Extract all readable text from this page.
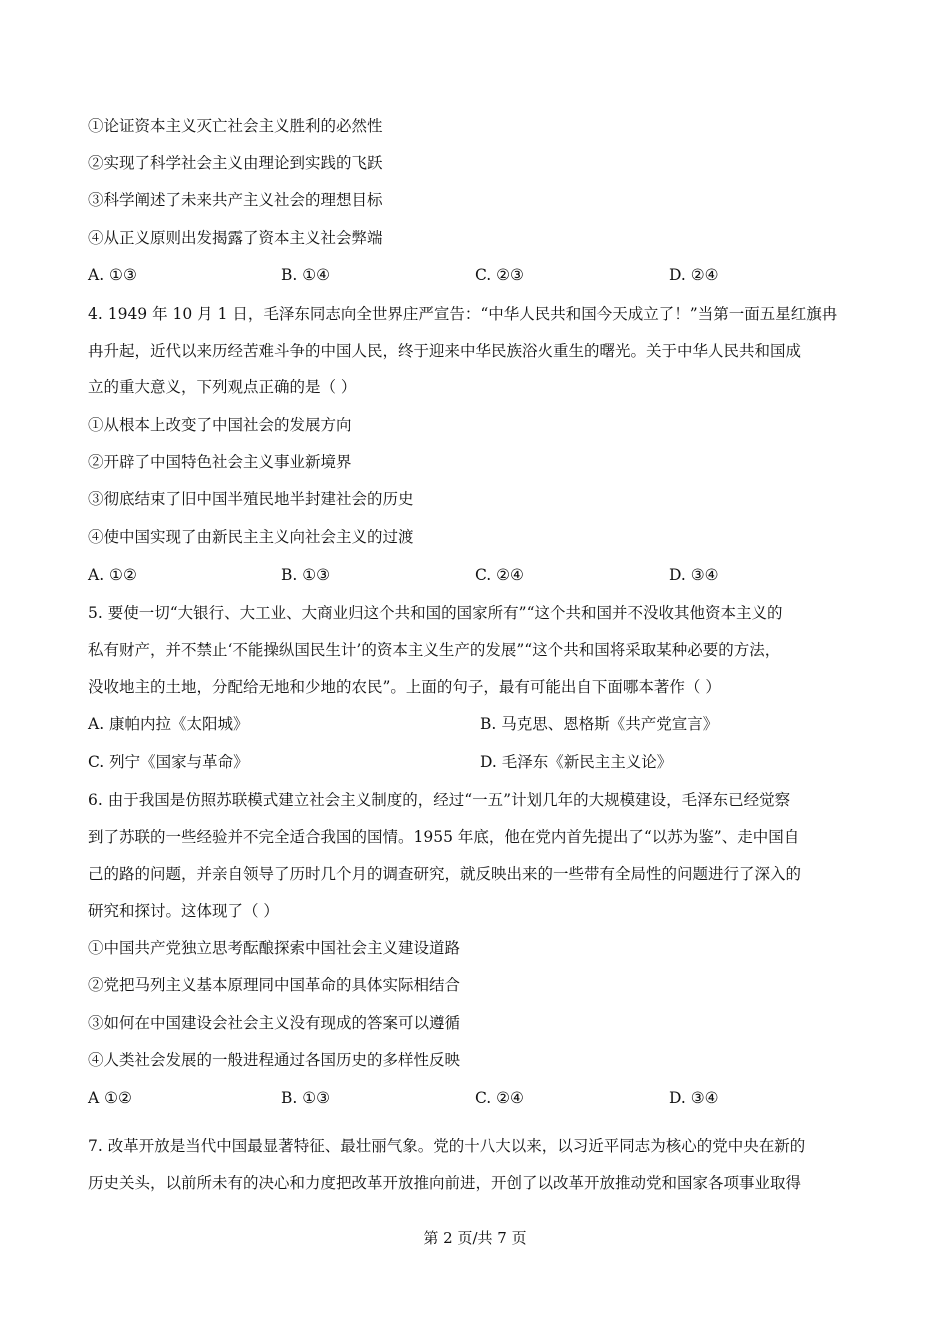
①论证资本主义灭亡社会主义胜利的必然性
②实现了科学社会主义由理论到实践的飞跃
③科学阐述了未来共产主义社会的理想目标
④从正义原则出发揭露了资本主义社会弊端
A. ①③	B. ①④	C. ②③	D. ②④
4. 1949 年 10 月 1 日，毛泽东同志向全世界庄严宣告：“中华人民共和国今天成立了！”当第一面五星红旗冉
冉升起，近代以来历经苦难斗争的中国人民，终于迎来中华民族浴火重生的曙光。关于中华人民共和国成
立的重大意义，下列观点正确的是（ ）
①从根本上改变了中国社会的发展方向
②开辟了中国特色社会主义事业新境界
③彻底结束了旧中国半殖民地半封建社会的历史
④使中国实现了由新民主主义向社会主义的过渡
A. ①②	B. ①③	C. ②④	D. ③④
5. 要使一切“大银行、大工业、大商业归这个共和国的国家所有”“这个共和国并不没收其他资本主义的
私有财产，并不禁止‘不能操纵国民生计’的资本主义生产的发展”“这个共和国将采取某种必要的方法，
没收地主的土地，分配给无地和少地的农民”。上面的句子，最有可能出自下面哪本著作（ ）
A. 康帕内拉《太阳城》	B. 马克思、恩格斯《共产党宣言》
C. 列宁《国家与革命》	D. 毛泽东《新民主主义论》
6. 由于我国是仿照苏联模式建立社会主义制度的，经过“一五”计划几年的大规模建设，毛泽东已经觉察
到了苏联的一些经验并不完全适合我国的国情。1955 年底，他在党内首先提出了“以苏为鉴”、走中国自
己的路的问题，并亲自领导了历时几个月的调查研究，就反映出来的一些带有全局性的问题进行了深入的
研究和探讨。这体现了（ ）
①中国共产党独立思考酝酿探索中国社会主义建设道路
②党把马列主义基本原理同中国革命的具体实际相结合
③如何在中国建设会社会主义没有现成的答案可以遵循
④人类社会发展的一般进程通过各国历史的多样性反映
A ①②	B. ①③	C. ②④	D. ③④
7. 改革开放是当代中国最显著特征、最壮丽气象。党的十八大以来，以习近平同志为核心的党中央在新的
历史关头，以前所未有的决心和力度把改革开放推向前进，开创了以改革开放推动党和国家各项事业取得
第 2 页/共 7 页
